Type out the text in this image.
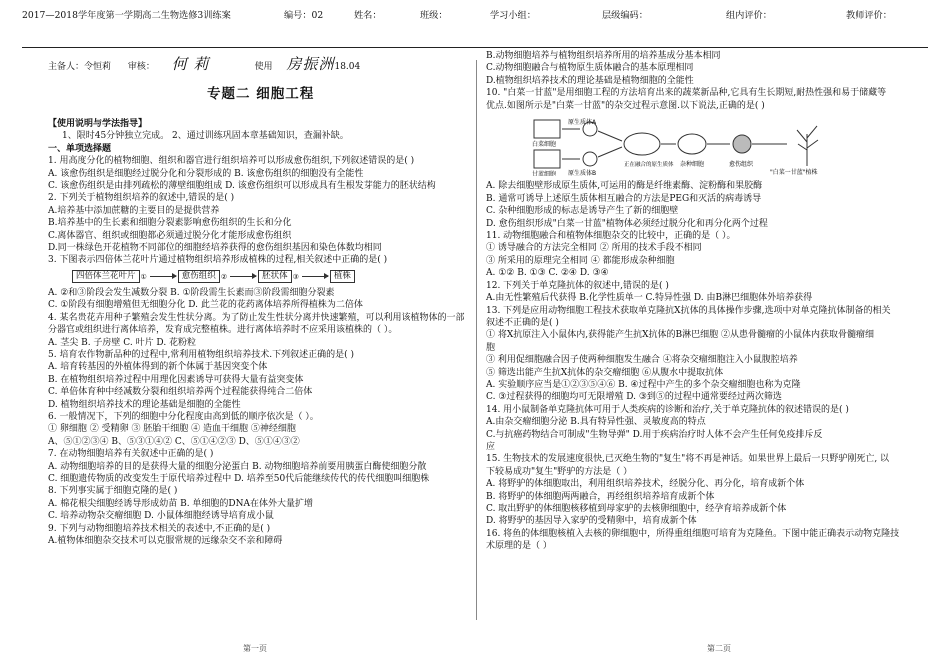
2017—2018学年度第一学期高二生物选修3训练案	编号：02	姓名：	班级：	学习小组：	层级编码：	组内评价：	教师评价：
主备人：令恒莉 审核： 何 莉	使用 房振洲18.04
专题二 细胞工程

【使用说明与学法指导】

1、限时45分钟独立完成。 2、通过训练巩固本章基础知识，查漏补缺。

一、单项选择题

1. 用高度分化的植物细胞、组织和器官进行组织培养可以形成愈伤组织,下列叙述错误的是( )

A. 该愈伤组织是细胞经过脱分化和分裂形成的 B. 该愈伤组织的细胞没有全能性

C. 该愈伤组织是由排列疏松的薄壁细胞组成 D. 该愈伤组织可以形成具有生根发芽能力的胚状结构

2. 下列关于植物组织培养的叙述中,错误的是( )

A.培养基中添加蔗糖的主要目的是提供营养

B.培养基中的生长素和细胞分裂素影响愈伤组织的生长和分化

C.离体器官、组织或细胞都必须通过脱分化才能形成愈伤组织

D.同一株绿色开花植物不同部位的细胞经培养获得的愈伤组织基因和染色体数均相同

3. 下图表示四倍体兰花叶片通过植物组织培养形成植株的过程,相关叙述中正确的是( )

四倍体兰花叶片 ①	愈伤组织 ②	胚状体 ③	植株

A. ②和③阶段会发生减数分裂 B. ①阶段需生长素而③阶段需细胞分裂素

C. ①阶段有细胞增殖但无细胞分化 D. 此兰花的花药离体培养所得植株为二倍体

4. 某名贵花卉用种子繁殖会发生性状分离。为了防止发生性状分离并快速繁殖，可以利用该植物体的一部

分器官或组织进行离体培养，发育成完整植株。进行离体培养时不应采用该植株的（ ）。

A. 茎尖 B. 子房壁 C. 叶片 D. 花粉粒

5. 培育农作物新品种的过程中,常利用植物组织培养技术.下列叙述正确的是( )

A. 培育转基因的外植体得到的新个体属于基因突变个体

B. 在植物组织培养过程中用理化因素诱导可获得大量有益突变体

C. 单倍体育种中经减数分裂和组织培养两个过程能获得纯合二倍体

D. 植物组织培养技术的理论基础是细胞的全能性

6. 一般情况下，下列的细胞中分化程度由高到低的顺序依次是（ ）。

① 卵细胞 ② 受精卵 ③ 胚胎干细胞 ④ 造血干细胞 ⑤神经细胞

A、⑤①②③④ B、⑤③①④② C、⑤①④②③ D、⑤①④③②

7. 在动物细胞培养有关叙述中正确的是( )

A. 动物细胞培养的目的是获得大量的细胞分泌蛋白 B. 动物细胞培养前要用胰蛋白酶使细胞分散

C. 细胞遗传物质的改变发生于原代培养过程中 D. 培养至50代后能继续传代的传代细胞叫细胞株

8. 下列事实属于细胞克隆的是( )

A. 棉花根尖细胞经诱导形成幼苗 B. 单细胞的DNA在体外大量扩增

C. 培养动物杂交瘤细胞 D. 小鼠体细胞经诱导培育成小鼠

9. 下列与动物细胞培养技术相关的表述中,不正确的是( )

A.植物体细胞杂交技术可以克服常规的远缘杂交不亲和障碍

B.动物细胞培养与植物组织培养所用的培养基成分基本相同

C.动物细胞融合与植物原生质体融合的基本原理相同

D.植物组织培养技术的理论基础是植物细胞的全能性

10. "白菜一甘蓝"是用细胞工程的方法培育出来的蔬菜新品种,它具有生长期短,耐热性强和易于储藏等

优点.如图所示是"白菜一甘蓝"的杂交过程示意图.以下说法,正确的是( )

白菜细胞
甘蓝细胞
原生质体A
原生质体B
正在融合的原生质体 杂种细胞	愈伤组织
"白菜一甘蓝"植株

A. 除去细胞壁形成原生质体,可运用的酶是纤维素酶、淀粉酶和果胶酶

B. 通常可诱导上述原生质体相互融合的方法是PEG和灭活的病毒诱导

C. 杂种细胞形成的标志是诱导产生了新的细胞壁

D. 愈伤组织形成"白菜一甘蓝"植物体必须经过脱分化和再分化两个过程

11. 动物细胞融合和植物体细胞杂交的比较中，正确的是（ ）。

① 诱导融合的方法完全相同 ② 所用的技术手段不相同

③ 所采用的原理完全相同 ④ 都能形成杂种细胞

A. ①② B. ①③ C. ②④ D. ③④

12. 下列关于单克隆抗体的叙述中,错误的是( )

A.由无性繁殖后代获得 B.化学性质单一 C.特异性强 D. 由B淋巴细胞体外培养获得

13. 下列是应用动物细胞工程技术获取单克隆抗X抗体的具体操作步骤,选项中对单克隆抗体制备的相关

叙述不正确的是( )

① 将X抗原注入小鼠体内,获得能产生抗X抗体的B淋巴细胞 ②从患骨髓瘤的小鼠体内获取骨髓瘤细

胞

③ 利用促细胞融合因子使两种细胞发生融合 ④将杂交瘤细胞注入小鼠腹腔培养

⑤ 筛选出能产生抗X抗体的杂交瘤细胞 ⑥从腹水中提取抗体

A. 实验顺序应当是①②③⑤④⑥ B. ④过程中产生的多个杂交瘤细胞也称为克隆

C. ③过程获得的细胞均可无限增殖 D. ③到⑤的过程中通常要经过两次筛选

14. 用小鼠制备单克隆抗体可用于人类疾病的诊断和治疗,关于单克隆抗体的叙述错误的是( )

A.由杂交瘤细胞分泌 B.具有特异性强、灵敏度高的特点

C.与抗癌药物结合可制成"生物导弹" D.用于疾病治疗时人体不会产生任何免疫排斥反

应

15. 生物技术的发展速度很快,已灭绝生物的"复生"将不再是神话。如果世界上最后一只野驴刚死亡, 以

下较易成功"复生"野驴的方法是（ ）

A. 将野驴的体细胞取出，利用组织培养技术，经脱分化、再分化，培育成新个体

B. 将野驴的体细胞两两融合，再经组织培养培育成新个体

C. 取出野驴的体细胞核移植到母家驴的去核卵细胞中，经孕育培养成新个体

D. 将野驴的基因导入家驴的受精卵中，培育成新个体

16. 将鱼的体细胞核植入去核的卵细胞中，所得重组细胞可培育为克隆鱼。下图中能正确表示动物克隆技

术原理的是（ ）

第一页	第二页
